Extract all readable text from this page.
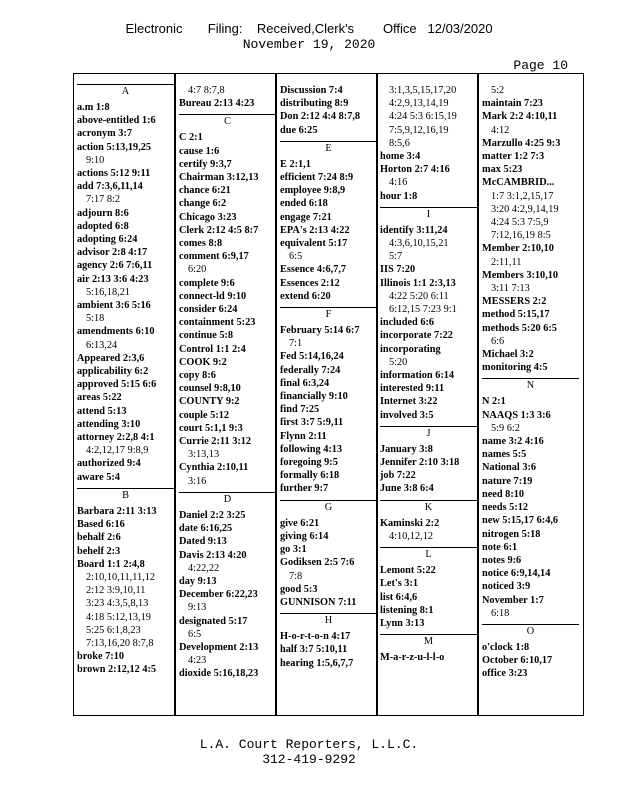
Electronic       Filing:    Received,Clerk's        Office   12/03/2020
November 19, 2020
Page 10
A
a.m 1:8
above-entitled 1:6
acronym 3:7
action 5:13,19,25
9:10
actions 5:12 9:11
add 7:3,6,11,14
7:17 8:2
adjourn 8:6
adopted 6:8
adopting 6:24
advisor 2:8 4:17
agency 2:6 7:6,11
air 2:13 3:6 4:23
5:16,18,21
ambient 3:6 5:16
5:18
amendments 6:10
6:13,24
Appeared 2:3,6
applicability 6:2
approved 5:15 6:6
areas 5:22
attend 5:13
attending 3:10
attorney 2:2,8 4:1
4:2,12,17 9:8,9
authorized 9:4
aware 5:4
B
Barbara 2:11 3:13
Based 6:16
behalf 2:6
behelf 2:3
Board 1:1 2:4,8
2:10,10,11,11,12
2:12 3:9,10,11
3:23 4:3,5,8,13
4:18 5:12,13,19
5:25 6:1,8,23
7:13,16,20 8:7,8
broke 7:10
brown 2:12,12 4:5
4:7 8:7,8
Bureau 2:13 4:23
C
C 2:1
cause 1:6
certify 9:3,7
Chairman 3:12,13
chance 6:21
change 6:2
Chicago 3:23
Clerk 2:12 4:5 8:7
comes 8:8
comment 6:9,17
6:20
complete 9:6
connect-ld 9:10
consider 6:24
containment 5:23
continue 5:8
Control 1:1 2:4
COOK 9:2
copy 8:6
counsel 9:8,10
COUNTY 9:2
couple 5:12
court 5:1,1 9:3
Currie 2:11 3:12
3:13,13
Cynthia 2:10,11
3:16
D
Daniel 2:2 3:25
date 6:16,25
Dated 9:13
Davis 2:13 4:20
4:22,22
day 9:13
December 6:22,23
9:13
designated 5:17
6:5
Development 2:13
4:23
dioxide 5:16,18,23
Discussion 7:4
distributing 8:9
Don 2:12 4:4 8:7,8
due 6:25
E
E 2:1,1
efficient 7:24 8:9
employee 9:8,9
ended 6:18
engage 7:21
EPA's 2:13 4:22
equivalent 5:17
6:5
Essence 4:6,7,7
Essences 2:12
extend 6:20
F
February 5:14 6:7
7:1
Fed 5:14,16,24
federally 7:24
final 6:3,24
financially 9:10
find 7:25
first 3:7 5:9,11
Flynn 2:11
following 4:13
foregoing 9:5
formally 6:18
further 9:7
G
give 6:21
giving 6:14
go 3:1
Godiksen 2:5 7:6
7:8
good 5:3
GUNNISON 7:11
H
H-o-r-t-o-n 4:17
half 3:7 5:10,11
hearing 1:5,6,7,7
3:1,3,5,15,17,20
4:2,9,13,14,19
4:24 5:3 6:15,19
7:5,9,12,16,19
8:5,6
home 3:4
Horton 2:7 4:16
4:16
hour 1:8
I
identify 3:11,24
4:3,6,10,15,21
5:7
IIS 7:20
Illinois 1:1 2:3,13
4:22 5:20 6:11
6:12,15 7:23 9:1
included 6:6
incorporate 7:22
incorporating
5:20
information 6:14
interested 9:11
Internet 3:22
involved 3:5
J
January 3:8
Jennifer 2:10 3:18
job 7:22
June 3:8 6:4
K
Kaminski 2:2
4:10,12,12
L
Lemont 5:22
Let's 3:1
list 6:4,6
listening 8:1
Lynn 3:13
M
M-a-r-z-u-l-l-o
5:2
maintain 7:23
Mark 2:2 4:10,11
4:12
Marzullo 4:25 9:3
matter 1:2 7:3
max 5:23
McCAMBRID...
1:7 3:1,2,15,17
3:20 4:2,9,14,19
4:24 5:3 7:5,9
7:12,16,19 8:5
Member 2:10,10
2:11,11
Members 3:10,10
3:11 7:13
MESSERS 2:2
method 5:15,17
methods 5:20 6:5
6:6
Michael 3:2
monitoring 4:5
N
N 2:1
NAAQS 1:3 3:6
5:9 6:2
name 3:2 4:16
names 5:5
National 3:6
nature 7:19
need 8:10
needs 5:12
new 5:15,17 6:4,6
nitrogen 5:18
note 6:1
notes 9:6
notice 6:9,14,14
noticed 3:9
November 1:7
6:18
O
o'clock 1:8
October 6:10,17
office 3:23
L.A. Court Reporters, L.L.C.
312-419-9292
